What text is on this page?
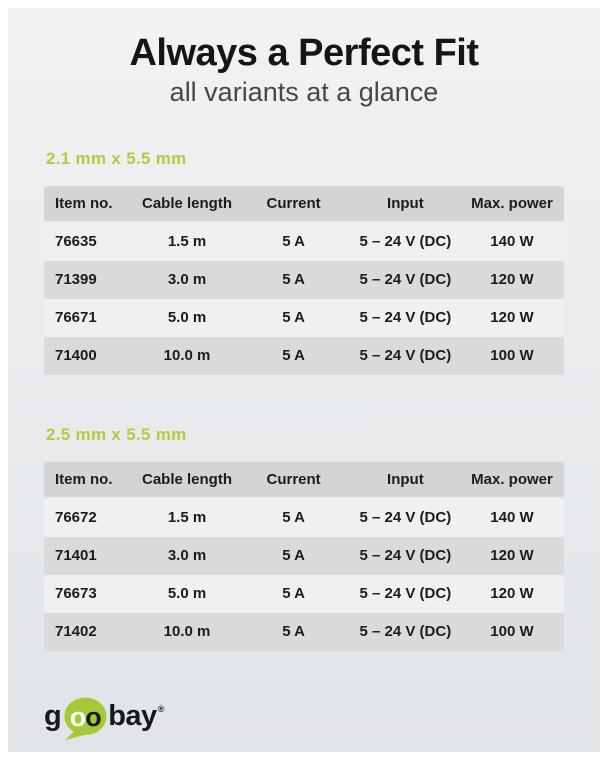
Always a Perfect Fit
all variants at a glance
2.1 mm x 5.5 mm
Item no.	Cable length	Current	Input	Max. power
76635	1.5 m	5 A	5 – 24 V (DC)	140 W
71399	3.0 m	5 A	5 – 24 V (DC)	120 W
76671	5.0 m	5 A	5 – 24 V (DC)	120 W
71400	10.0 m	5 A	5 – 24 V (DC)	100 W
2.5 mm x 5.5 mm
Item no.	Cable length	Current	Input	Max. power
76672	1.5 m	5 A	5 – 24 V (DC)	140 W
71401	3.0 m	5 A	5 – 24 V (DC)	120 W
76673	5.0 m	5 A	5 – 24 V (DC)	120 W
71402	10.0 m	5 A	5 – 24 V (DC)	100 W
g o o bay ®
